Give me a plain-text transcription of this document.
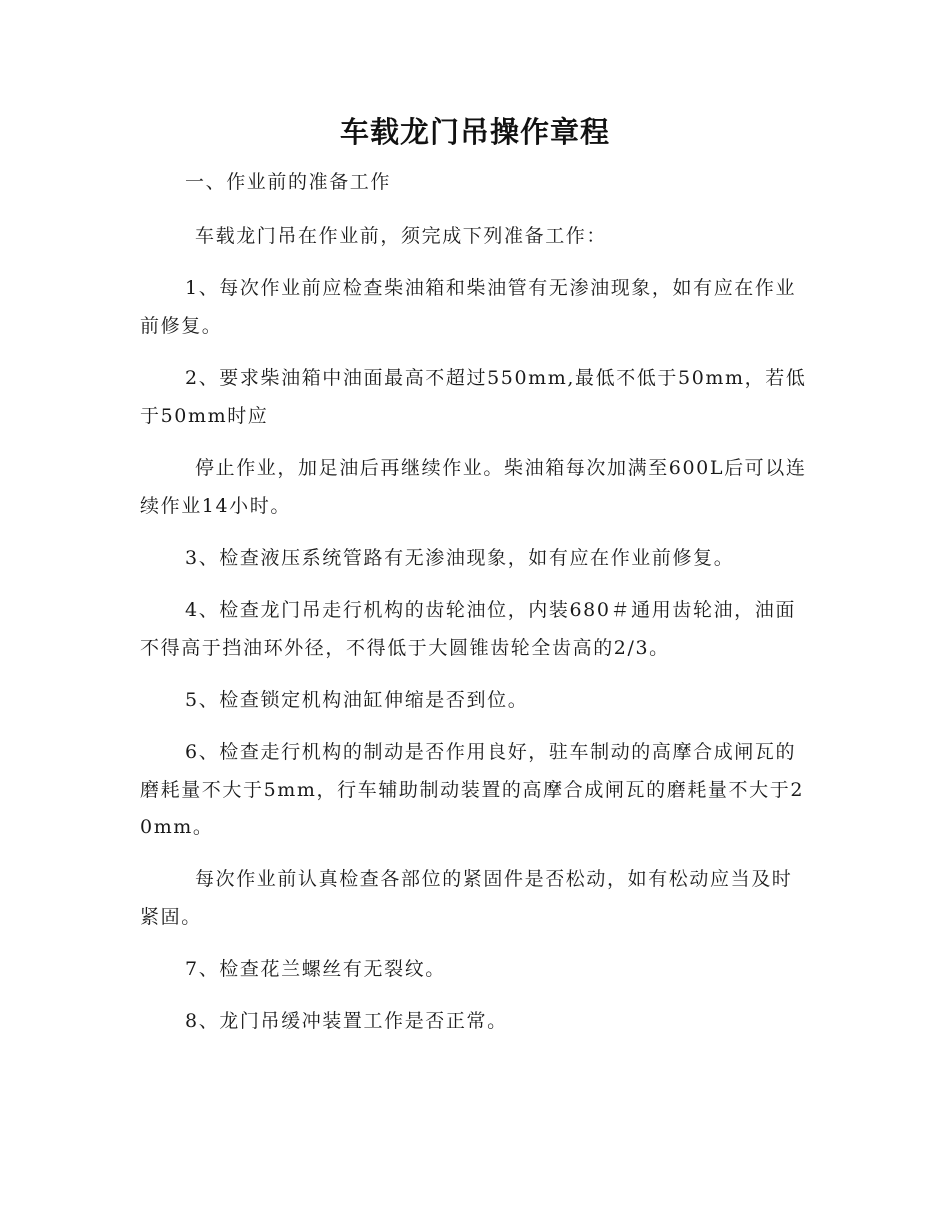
车载龙门吊操作章程

一、作业前的准备工作

车载龙门吊在作业前，须完成下列准备工作：

1、每次作业前应检查柴油箱和柴油管有无渗油现象，如有应在作业前修复。

2、要求柴油箱中油面最高不超过550mm,最低不低于50mm，若低于50mm时应

停止作业，加足油后再继续作业。柴油箱每次加满至600L后可以连续作业14小时。

3、检查液压系统管路有无渗油现象，如有应在作业前修复。

4、检查龙门吊走行机构的齿轮油位，内装680＃通用齿轮油，油面不得高于挡油环外径，不得低于大圆锥齿轮全齿高的2/3。

5、检查锁定机构油缸伸缩是否到位。

6、检查走行机构的制动是否作用良好，驻车制动的高摩合成闸瓦的磨耗量不大于5mm，行车辅助制动装置的高摩合成闸瓦的磨耗量不大于20mm。

每次作业前认真检查各部位的紧固件是否松动，如有松动应当及时紧固。

7、检查花兰螺丝有无裂纹。

8、龙门吊缓冲装置工作是否正常。
